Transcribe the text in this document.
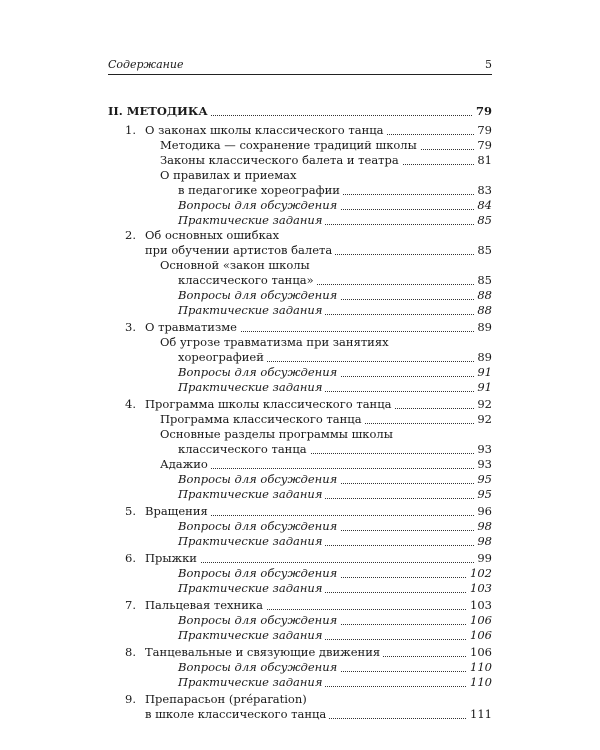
Содержание	5
II. МЕТОДИКА	79
1. О законах школы классического танца	79
Методика — сохранение традиций школы	79
Законы классического балета и театра	81
О правилах и приемах
в педагогике хореографии	83
Вопросы для обсуждения	84
Практические задания	85
2. Об основных ошибках
при обучении артистов балета	85
Основной «закон школы
классического танца»	85
Вопросы для обсуждения	88
Практические задания	88
3. О травматизме	89
Об угрозе травматизма при занятиях
хореографией	89
Вопросы для обсуждения	91
Практические задания	91
4. Программа школы классического танца	92
Программа классического танца	92
Основные разделы программы школы
классического танца	93
Адажио	93
Вопросы для обсуждения	95
Практические задания	95
5. Вращения	96
Вопросы для обсуждения	98
Практические задания	98
6. Прыжки	99
Вопросы для обсуждения	102
Практические задания	103
7. Пальцевая техника	103
Вопросы для обсуждения	106
Практические задания	106
8. Танцевальные и связующие движения	106
Вопросы для обсуждения	110
Практические задания	110
9. Препарасьон (préparation)
в школе классического танца	111
